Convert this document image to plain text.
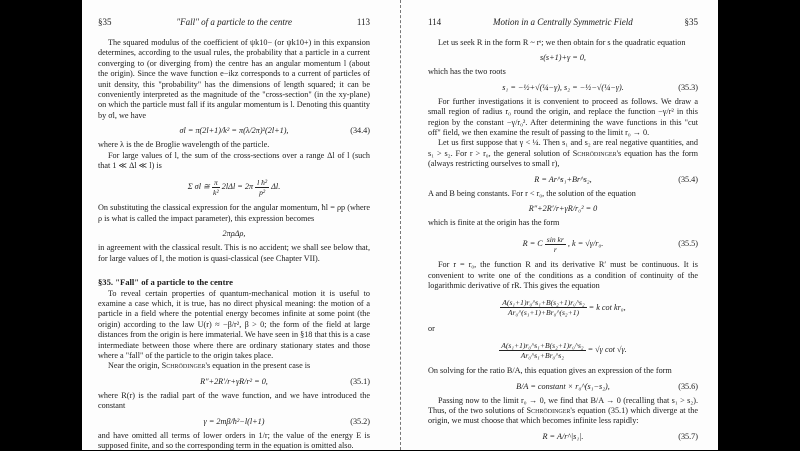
§35	"Fall" of a particle to the centre	113

The squared modulus of the coefficient of ψk10− (or ψk10+) in this expansion determines, according to the usual rules, the probability that a particle in a current converging to (or diverging from) the centre has an angular momentum l (about the origin). Since the wave function e−ikz corresponds to a current of particles of unit density, this "probability" has the dimensions of length squared; it can be conveniently interpreted as the magnitude of the "cross-section" (in the xy-plane) on which the particle must fall if its angular momentum is l. Denoting this quantity by σl, we have

σl = π(2l+1)/k² = π(λ/2π)²(2l+1),	(34.4)

where λ is the de Broglie wavelength of the particle.

For large values of l, the sum of the cross-sections over a range Δl of l (such that 1 ≪ Δl ≪ l) is

Σ σl ≅ $\frac{\pi}{\text{k²}} 2l\Delta l = 2\pi \frac{\text{l ħ²}}{\text{p²}} \Delta l$.

On substituting the classical expression for the angular momentum, ħl = ρp (where ρ is what is called the impact parameter), this expression becomes

2πρΔρ,

in agreement with the classical result. This is no accident; we shall see below that, for large values of l, the motion is quasi-classical (see Chapter VII).

§35. "Fall" of a particle to the centre

To reveal certain properties of quantum-mechanical motion it is useful to examine a case which, it is true, has no direct physical meaning: the motion of a particle in a field where the potential energy becomes infinite at some point (the origin) according to the law U(r) ≈ −β/r², β > 0; the form of the field at large distances from the origin is here immaterial. We have seen in §18 that this is a case intermediate between those where there are ordinary stationary states and those where a "fall" of the particle to the origin takes place.

Near the origin, Schrödinger's equation in the present case is

R″+2R′/r+γR/r² = 0,	(35.1)

where R(r) is the radial part of the wave function, and we have introduced the constant

γ = 2mβ/ħ²−l(l+1)	(35.2)

and have omitted all terms of lower orders in 1/r; the value of the energy E is supposed finite, and so the corresponding term in the equation is omitted also.

114	Motion in a Centrally Symmetric Field	§35

Let us seek R in the form R ~ rˢ; we then obtain for s the quadratic equation

s(s+1)+γ = 0,

which has the two roots

s₁ = −½+√(¼−γ), s₂ = −½−√(¼−γ).	(35.3)

For further investigations it is convenient to proceed as follows. We draw a small region of radius r₀ round the origin, and replace the function −γ/r² in this region by the constant −γ/r₀². After determining the wave functions in this "cut off" field, we then examine the result of passing to the limit r₀ → 0.

Let us first suppose that γ < ¼. Then s₁ and s₂ are real negative quantities, and s₁ > s₂. For r > r₀, the general solution of Schrödinger's equation has the form (always restricting ourselves to small r),

R = Ar^s₁+Br^s₂,	(35.4)

A and B being constants. For r < r₀, the solution of the equation

R″+2R′/r+γR/r₀² = 0

which is finite at the origin has the form

R = C $\frac{\text{sin kr}}{r}$ , k = √γ/r₀.	(35.5)

For r = r₀, the function R and its derivative R′ must be continuous. It is convenient to write one of the conditions as a condition of continuity of the logarithmic derivative of rR. This gives the equation

$\frac{\text{A(s₁+1)r₀\textasciicircum{}s₁+B(s₂+1)r₀\textasciicircum{}s₂}}{\text{Ar₀\textasciicircum{}(s₁+1)+Br₀\textasciicircum{}(s₂+1)}} = k$ cot kr₀,

or

$\frac{\text{A(s₁+1)r₀\textasciicircum{}s₁+B(s₂+1)r₀\textasciicircum{}s₂}}{\text{Ar₀\textasciicircum{}s₁+Br₀\textasciicircum{}s₂}} = √\gamma$ cot √γ.

On solving for the ratio B/A, this equation gives an expression of the form

B/A = constant × r₀^(s₁−s₂),	(35.6)

Passing now to the limit r₀ → 0, we find that B/A → 0 (recalling that s₁ > s₂). Thus, of the two solutions of Schrödinger's equation (35.1) which diverge at the origin, we must choose that which becomes infinite less rapidly:

R = A/r^|s₁|.	(35.7)
